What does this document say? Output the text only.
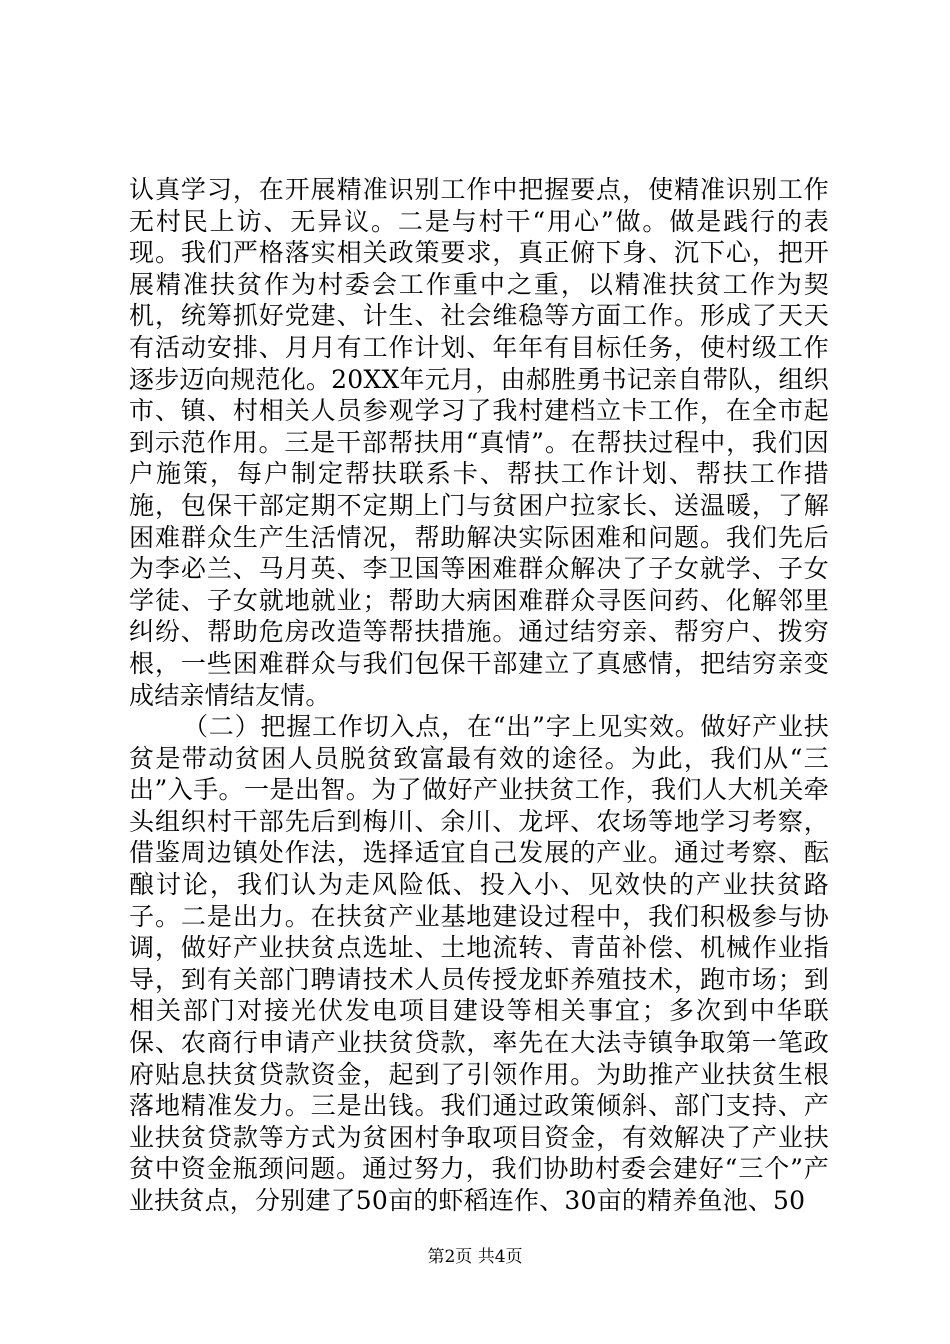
认真学习，在开展精准识别工作中把握要点，使精准识别工作无村民上访、无异议。二是与村干“用心”做。做是践行的表现。我们严格落实相关政策要求，真正俯下身、沉下心，把开展精准扶贫作为村委会工作重中之重，以精准扶贫工作为契机，统筹抓好党建、计生、社会维稳等方面工作。形成了天天有活动安排、月月有工作计划、年年有目标任务，使村级工作逐步迈向规范化。20XX年元月，由郝胜勇书记亲自带队，组织市、镇、村相关人员参观学习了我村建档立卡工作，在全市起到示范作用。三是干部帮扶用“真情”。在帮扶过程中，我们因户施策，每户制定帮扶联系卡、帮扶工作计划、帮扶工作措施，包保干部定期不定期上门与贫困户拉家长、送温暖，了解困难群众生产生活情况，帮助解决实际困难和问题。我们先后为李必兰、马月英、李卫国等困难群众解决了子女就学、子女学徒、子女就地就业；帮助大病困难群众寻医问药、化解邻里纠纷、帮助危房改造等帮扶措施。通过结穷亲、帮穷户、拨穷根，一些困难群众与我们包保干部建立了真感情，把结穷亲变成结亲情结友情。

（二）把握工作切入点，在“出”字上见实效。做好产业扶贫是带动贫困人员脱贫致富最有效的途径。为此，我们从“三出”入手。一是出智。为了做好产业扶贫工作，我们人大机关牵头组织村干部先后到梅川、余川、龙坪、农场等地学习考察，借鉴周边镇处作法，选择适宜自己发展的产业。通过考察、酝酿讨论，我们认为走风险低、投入小、见效快的产业扶贫路子。二是出力。在扶贫产业基地建设过程中，我们积极参与协调，做好产业扶贫点选址、土地流转、青苗补偿、机械作业指导，到有关部门聘请技术人员传授龙虾养殖技术，跑市场；到相关部门对接光伏发电项目建设等相关事宜；多次到中华联保、农商行申请产业扶贫贷款，率先在大法寺镇争取第一笔政府贴息扶贫贷款资金，起到了引领作用。为助推产业扶贫生根落地精准发力。三是出钱。我们通过政策倾斜、部门支持、产业扶贫贷款等方式为贫困村争取项目资金，有效解决了产业扶贫中资金瓶颈问题。通过努力，我们协助村委会建好“三个”产业扶贫点，分别建了50亩的虾稻连作、30亩的精养鱼池、50

第2页 共4页
